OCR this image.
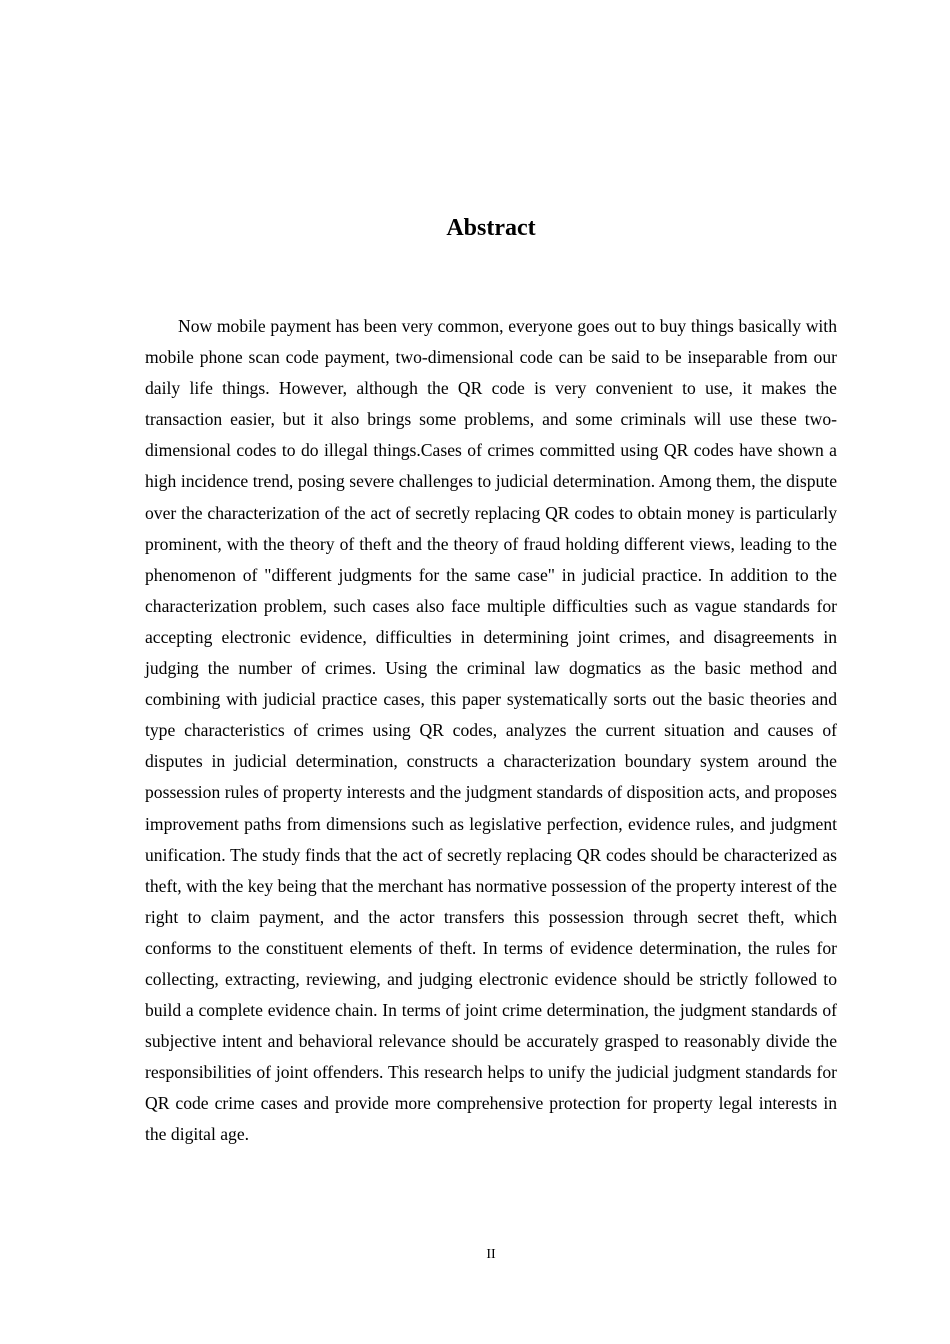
Abstract

Now mobile payment has been very common, everyone goes out to buy things basically with mobile phone scan code payment, two-dimensional code can be said to be inseparable from our daily life things. However, although the QR code is very convenient to use, it makes the transaction easier, but it also brings some problems, and some criminals will use these two-dimensional codes to do illegal things.Cases of crimes committed using QR codes have shown a high incidence trend, posing severe challenges to judicial determination. Among them, the dispute over the characterization of the act of secretly replacing QR codes to obtain money is particularly prominent, with the theory of theft and the theory of fraud holding different views, leading to the phenomenon of "different judgments for the same case" in judicial practice. In addition to the characterization problem, such cases also face multiple difficulties such as vague standards for accepting electronic evidence, difficulties in determining joint crimes, and disagreements in judging the number of crimes. Using the criminal law dogmatics as the basic method and combining with judicial practice cases, this paper systematically sorts out the basic theories and type characteristics of crimes using QR codes, analyzes the current situation and causes of disputes in judicial determination, constructs a characterization boundary system around the possession rules of property interests and the judgment standards of disposition acts, and proposes improvement paths from dimensions such as legislative perfection, evidence rules, and judgment unification. The study finds that the act of secretly replacing QR codes should be characterized as theft, with the key being that the merchant has normative possession of the property interest of the right to claim payment, and the actor transfers this possession through secret theft, which conforms to the constituent elements of theft. In terms of evidence determination, the rules for collecting, extracting, reviewing, and judging electronic evidence should be strictly followed to build a complete evidence chain. In terms of joint crime determination, the judgment standards of subjective intent and behavioral relevance should be accurately grasped to reasonably divide the responsibilities of joint offenders. This research helps to unify the judicial judgment standards for QR code crime cases and provide more comprehensive protection for property legal interests in the digital age.

II
